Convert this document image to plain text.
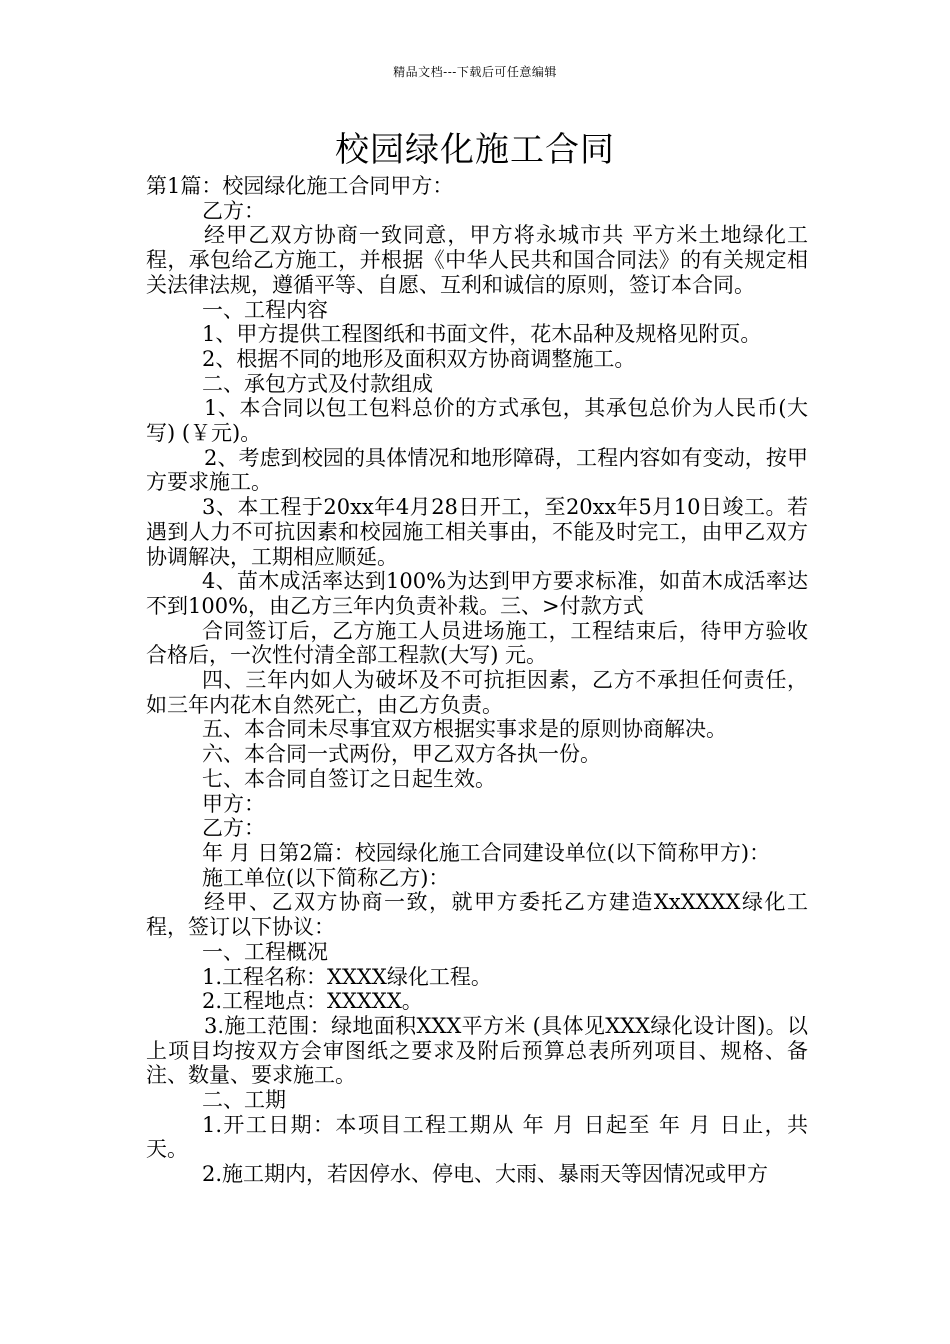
精品文档---下载后可任意编辑
校园绿化施工合同

第1篇：校园绿化施工合同甲方：

乙方：

经甲乙双方协商一致同意，甲方将永城市共 平方米土地绿化工程，承包给乙方施工，并根据《中华人民共和国合同法》的有关规定相关法律法规，遵循平等、自愿、互利和诚信的原则，签订本合同。

一、工程内容

1、甲方提供工程图纸和书面文件，花木品种及规格见附页。

2、根据不同的地形及面积双方协商调整施工。

二、承包方式及付款组成

1、本合同以包工包料总价的方式承包，其承包总价为人民币(大写) (￥元)。

2、考虑到校园的具体情况和地形障碍，工程内容如有变动，按甲方要求施工。

3、本工程于20xx年4月28日开工，至20xx年5月10日竣工。若遇到人力不可抗因素和校园施工相关事由，不能及时完工，由甲乙双方协调解决，工期相应顺延。

4、苗木成活率达到100%为达到甲方要求标准，如苗木成活率达不到100%，由乙方三年内负责补栽。三、>付款方式

合同签订后，乙方施工人员进场施工，工程结束后，待甲方验收合格后，一次性付清全部工程款(大写) 元。

四、三年内如人为破坏及不可抗拒因素，乙方不承担任何责任，如三年内花木自然死亡，由乙方负责。

五、本合同未尽事宜双方根据实事求是的原则协商解决。

六、本合同一式两份，甲乙双方各执一份。

七、本合同自签订之日起生效。

甲方：

乙方：

年 月 日第2篇：校园绿化施工合同建设单位(以下简称甲方)：

施工单位(以下简称乙方)：

经甲、乙双方协商一致，就甲方委托乙方建造XxXXXX绿化工程，签订以下协议：

一、工程概况

1.工程名称：XXXX绿化工程。

2.工程地点：XXXXX。

3.施工范围：绿地面积XXX平方米 (具体见XXX绿化设计图)。以上项目均按双方会审图纸之要求及附后预算总表所列项目、规格、备注、数量、要求施工。

二、工期

1.开工日期：本项目工程工期从 年 月 日起至 年 月 日止，共 天。

2.施工期内，若因停水、停电、大雨、暴雨天等因情况或甲方
